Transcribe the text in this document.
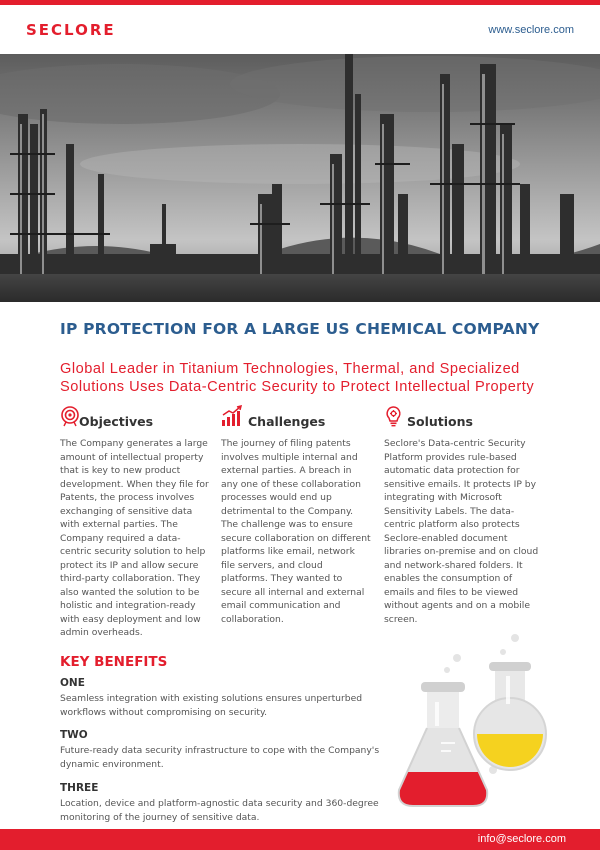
SECLORE	www.seclore.com
IP PROTECTION FOR A LARGE US CHEMICAL COMPANY
Global Leader in Titanium Technologies, Thermal, and Specialized Solutions Uses Data-Centric Security to Protect Intellectual Property
Objectives
The Company generates a large amount of intellectual property that is key to new product development. When they file for Patents, the process involves exchanging of sensitive data with external parties. The Company required a data-centric security solution to help protect its IP and allow secure third-party collaboration. They also wanted the solution to be holistic and integration-ready with easy deployment and low admin overheads.
Challenges
The journey of filing patents involves multiple internal and external parties. A breach in any one of these collaboration processes would end up detrimental to the Company. The challenge was to ensure secure collaboration on different platforms like email, network file servers, and cloud platforms. They wanted to secure all internal and external email communication and collaboration.
Solutions
Seclore's Data-centric Security Platform provides rule-based automatic data protection for sensitive emails. It protects IP by integrating with Microsoft Sensitivity Labels. The data-centric platform also protects Seclore-enabled document libraries on-premise and on cloud and network-shared folders. It enables the consumption of emails and files to be viewed without agents and on a mobile screen.
KEY BENEFITS
ONE
Seamless integration with existing solutions ensures unperturbed workflows without compromising on security.
TWO
Future-ready data security infrastructure to cope with the Company's dynamic environment.
THREE
Location, device and platform-agnostic data security and 360-degree monitoring of the journey of sensitive data.
info@seclore.com
